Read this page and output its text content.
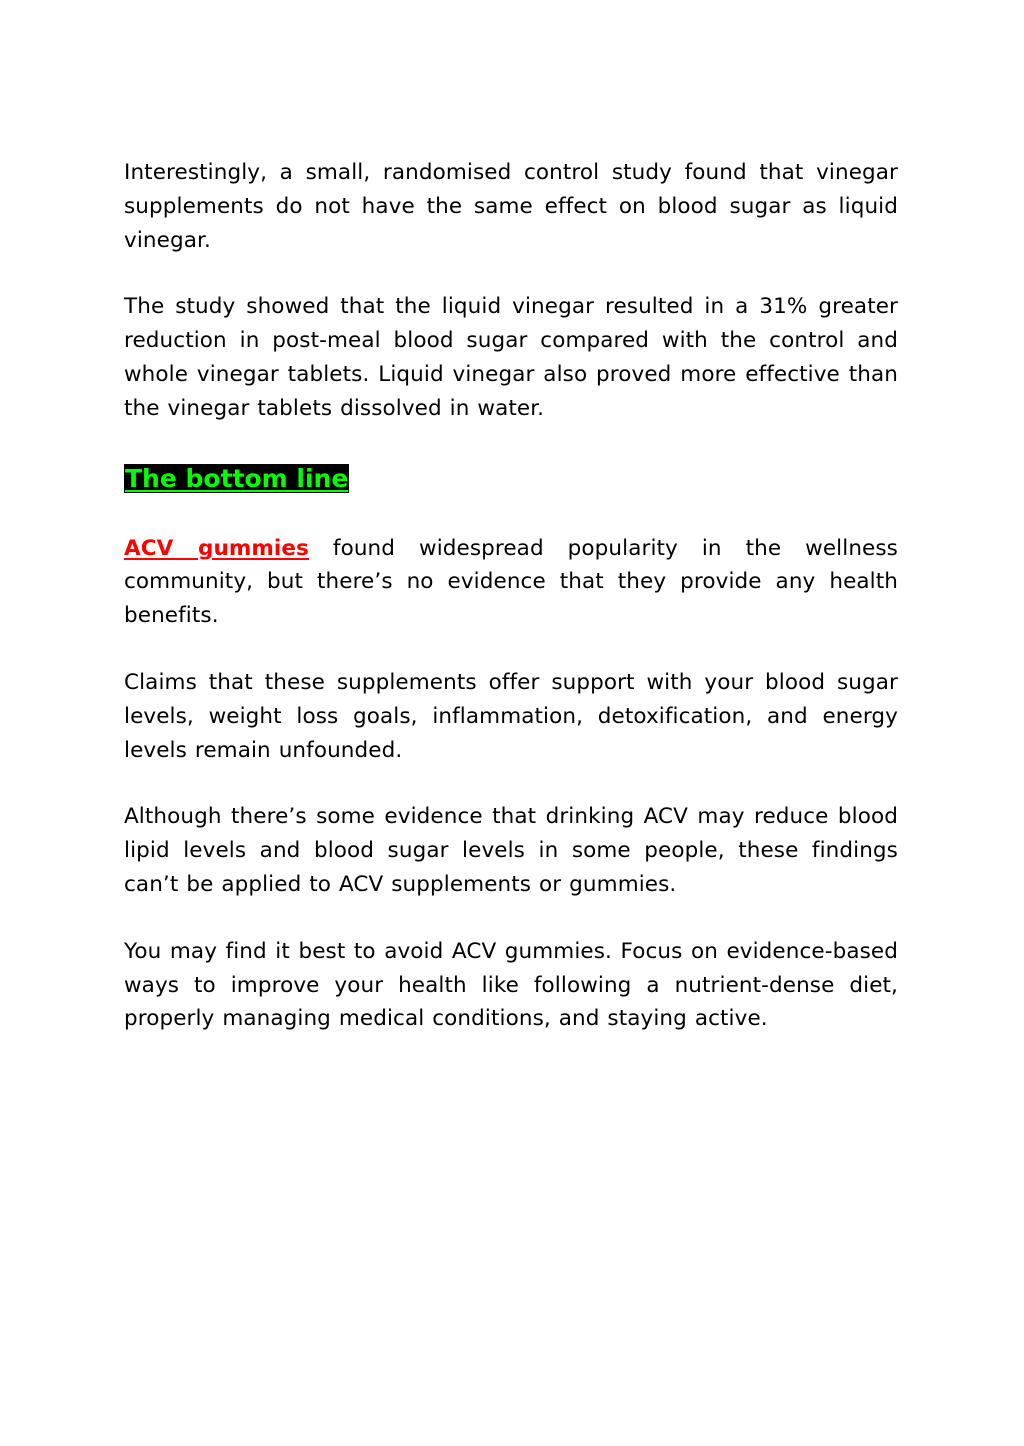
Interestingly, a small, randomised control study found that vinegar supplements do not have the same effect on blood sugar as liquid vinegar.

The study showed that the liquid vinegar resulted in a 31% greater reduction in post-meal blood sugar compared with the control and whole vinegar tablets. Liquid vinegar also proved more effective than the vinegar tablets dissolved in water.

The bottom line

ACV gummies found widespread popularity in the wellness community, but there’s no evidence that they provide any health benefits.

Claims that these supplements offer support with your blood sugar levels, weight loss goals, inflammation, detoxification, and energy levels remain unfounded.

Although there’s some evidence that drinking ACV may reduce blood lipid levels and blood sugar levels in some people, these findings can’t be applied to ACV supplements or gummies.

You may find it best to avoid ACV gummies. Focus on evidence-based ways to improve your health like following a nutrient-dense diet, properly managing medical conditions, and staying active.
